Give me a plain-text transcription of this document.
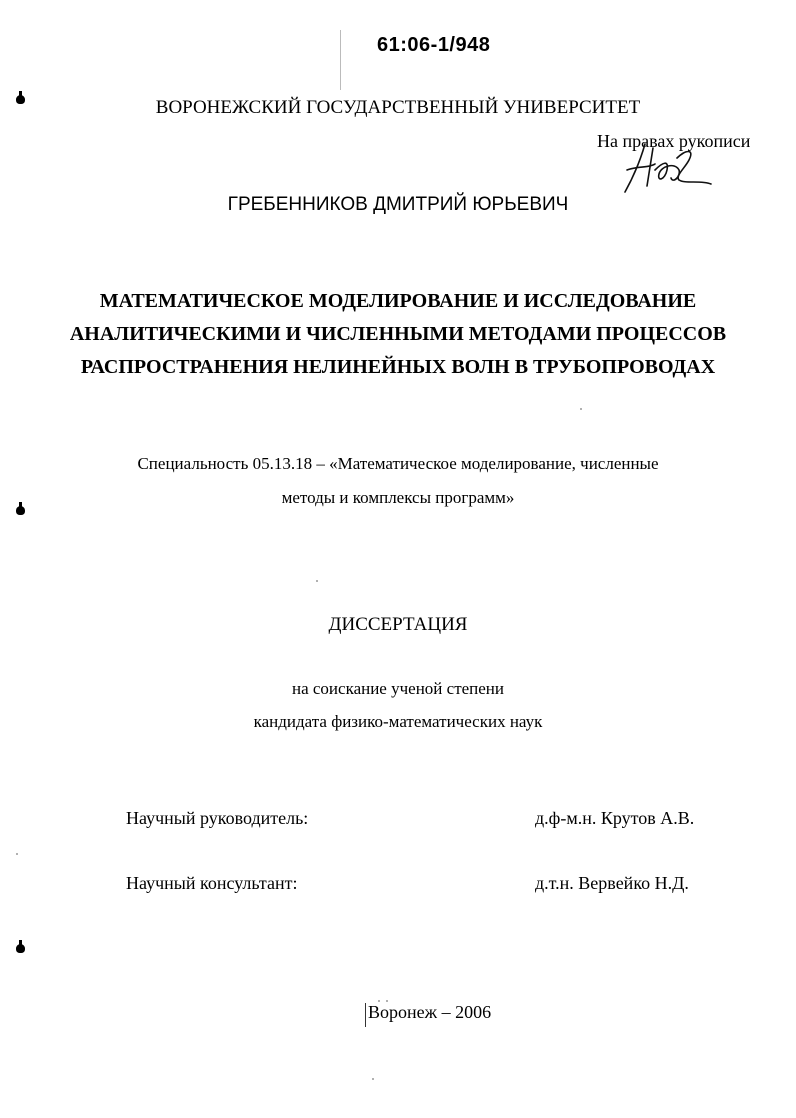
61:06-1/948
ВОРОНЕЖСКИЙ ГОСУДАРСТВЕННЫЙ УНИВЕРСИТЕТ
На правах рукописи
ГРЕБЕННИКОВ ДМИТРИЙ ЮРЬЕВИЧ
МАТЕМАТИЧЕСКОЕ МОДЕЛИРОВАНИЕ И ИССЛЕДОВАНИЕ
АНАЛИТИЧЕСКИМИ И ЧИСЛЕННЫМИ МЕТОДАМИ ПРОЦЕССОВ
РАСПРОСТРАНЕНИЯ НЕЛИНЕЙНЫХ ВОЛН В ТРУБОПРОВОДАХ
Специальность 05.13.18 – «Математическое моделирование, численные
методы и комплексы программ»
ДИССЕРТАЦИЯ
на соискание ученой степени
кандидата физико-математических наук
Научный руководитель:	д.ф-м.н. Крутов А.В.
Научный консультант:	д.т.н. Вервейко Н.Д.
Воронеж – 2006
